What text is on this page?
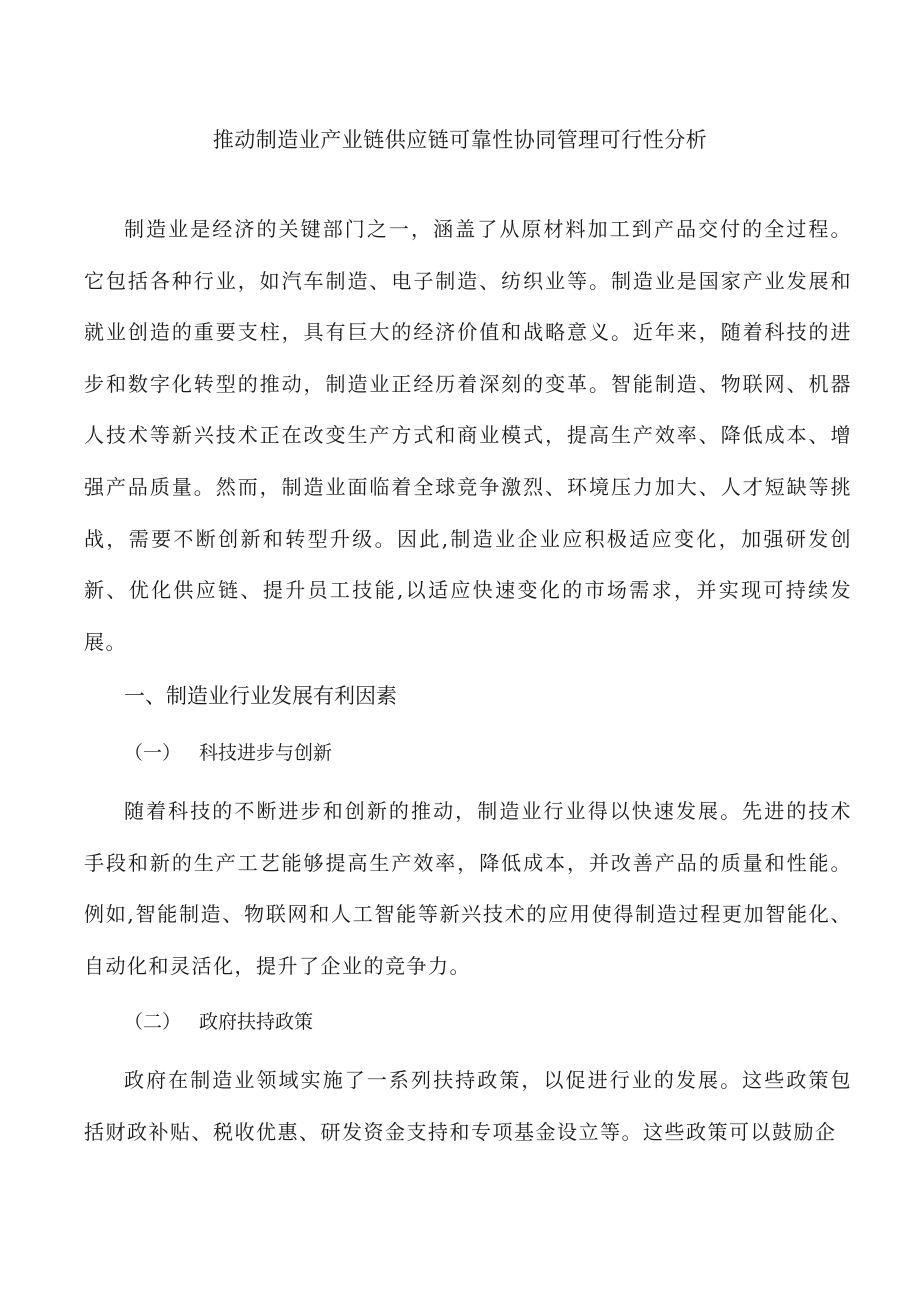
推动制造业产业链供应链可靠性协同管理可行性分析

制造业是经济的关键部门之一，涵盖了从原材料加工到产品交付的全过程。它包括各种行业，如汽车制造、电子制造、纺织业等。制造业是国家产业发展和就业创造的重要支柱，具有巨大的经济价值和战略意义。近年来，随着科技的进步和数字化转型的推动，制造业正经历着深刻的变革。智能制造、物联网、机器人技术等新兴技术正在改变生产方式和商业模式，提高生产效率、降低成本、增强产品质量。然而，制造业面临着全球竞争激烈、环境压力加大、人才短缺等挑战，需要不断创新和转型升级。因此,制造业企业应积极适应变化，加强研发创新、优化供应链、提升员工技能,以适应快速变化的市场需求，并实现可持续发展。

一、制造业行业发展有利因素
（一） 科技进步与创新

随着科技的不断进步和创新的推动，制造业行业得以快速发展。先进的技术手段和新的生产工艺能够提高生产效率，降低成本，并改善产品的质量和性能。例如,智能制造、物联网和人工智能等新兴技术的应用使得制造过程更加智能化、自动化和灵活化，提升了企业的竞争力。

（二） 政府扶持政策

政府在制造业领域实施了一系列扶持政策，以促进行业的发展。这些政策包括财政补贴、税收优惠、研发资金支持和专项基金设立等。这些政策可以鼓励企
